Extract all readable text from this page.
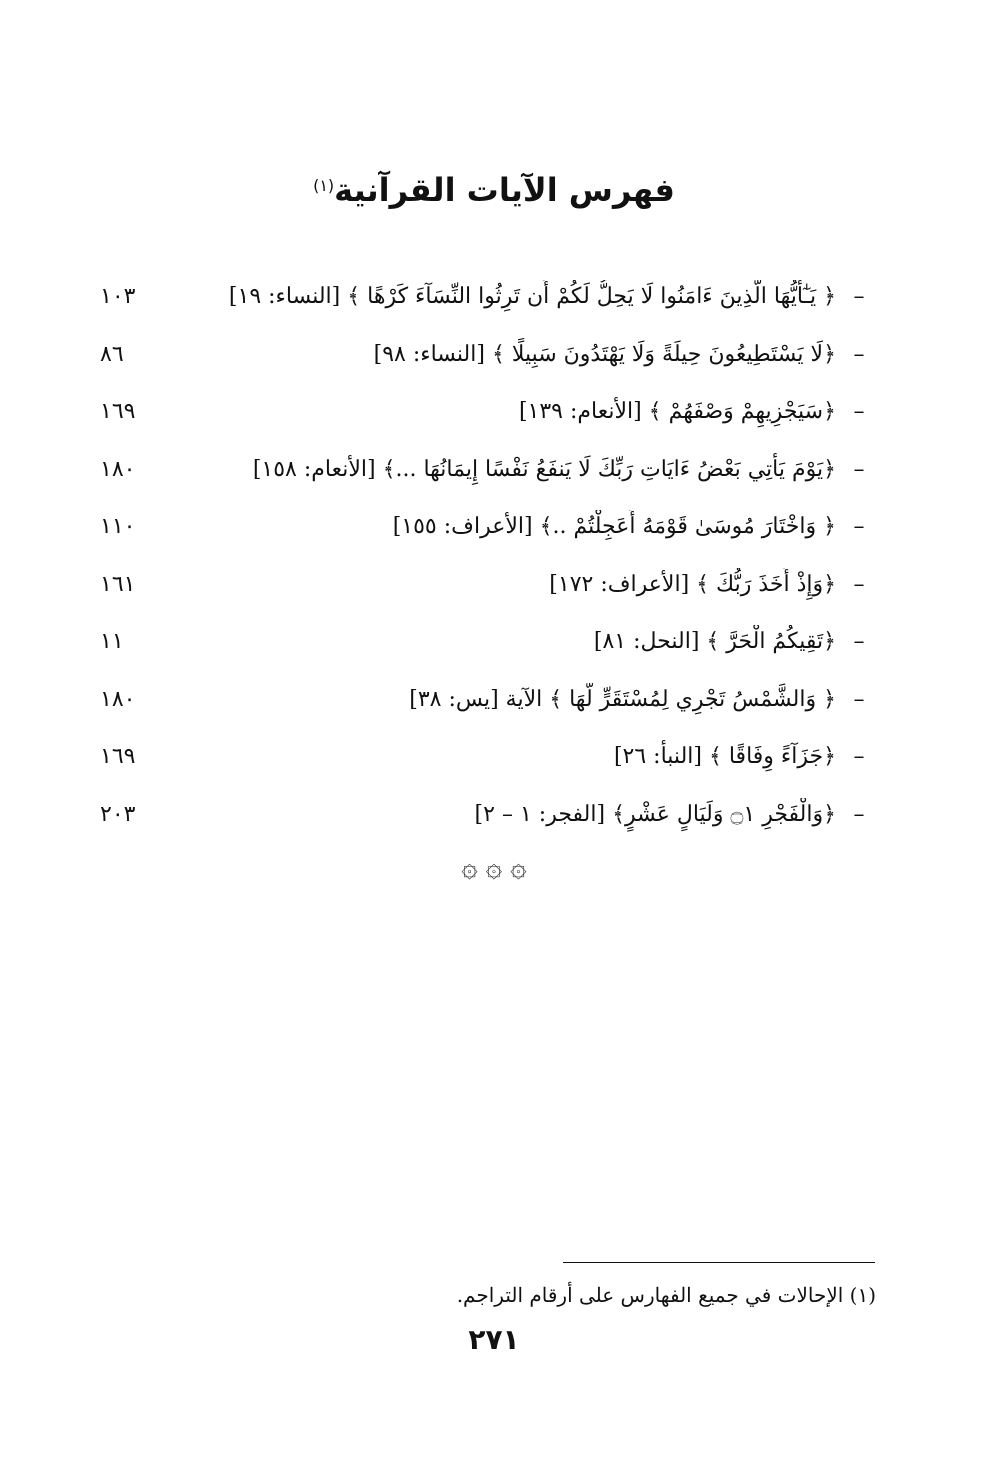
فهرس الآيات القرآنية$^{(١)}$
–
﴿ يَـٰٓأَيُّهَا الَّذِينَ ءَامَنُوا لَا يَحِلُّ لَكُمْ أَن تَرِثُوا النِّسَآءَ كَرْهًا ﴾ [النساء: ١٩]
١٠٣
–
﴿لَا يَسْتَطِيعُونَ حِيلَةً وَلَا يَهْتَدُونَ سَبِيلًا ﴾ [النساء: ٩٨]
٨٦
–
﴿سَيَجْزِيهِمْ وَصْفَهُمْ ﴾ [الأنعام: ١٣٩]
١٦٩
–
﴿يَوْمَ يَأْتِي بَعْضُ ءَايَاتِ رَبِّكَ لَا يَنفَعُ نَفْسًا إِيمَانُهَا ...﴾ [الأنعام: ١٥٨]
١٨٠
–
﴿ وَاخْتَارَ مُوسَىٰ قَوْمَهُ أَعَجِلْتُمْ ..﴾ [الأعراف: ١٥٥]
١١٠
–
﴿وَإِذْ أَخَذَ رَبُّكَ ﴾ [الأعراف: ١٧٢]
١٦١
–
﴿تَقِيكُمُ الْحَرَّ ﴾ [النحل: ٨١]
١١
–
﴿ وَالشَّمْسُ تَجْرِي لِمُسْتَقَرٍّ لَّهَا ﴾ الآية [يس: ٣٨]
١٨٠
–
﴿جَزَآءً وِفَاقًا ﴾ [النبأ: ٢٦]
١٦٩
–
﴿وَالْفَجْرِ ۝١ وَلَيَالٍ عَشْرٍ﴾ [الفجر: ١ – ٢]
٢٠٣
۞ ۞ ۞
(١) الإحالات في جميع الفهارس على أرقام التراجم.
٢٧١
